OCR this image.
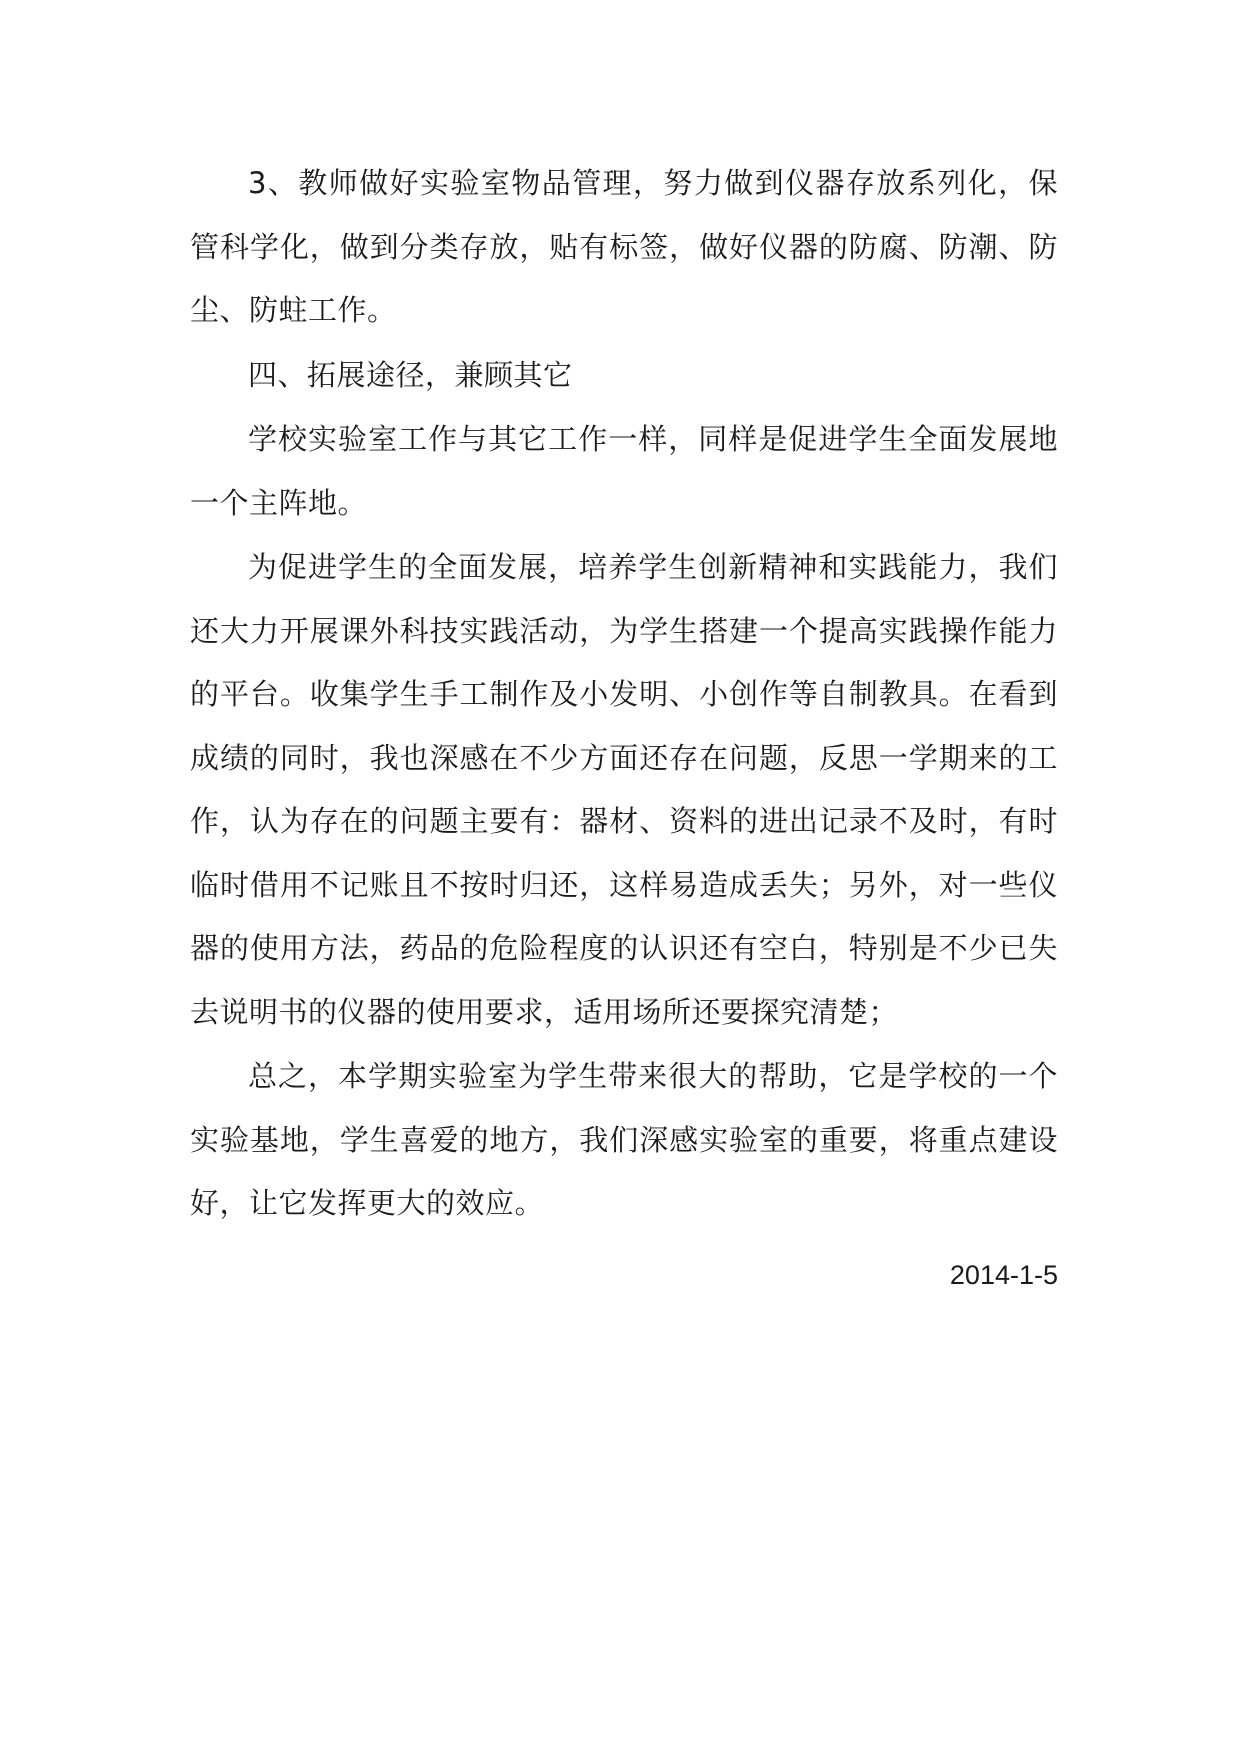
3、教师做好实验室物品管理，努力做到仪器存放系列化，保管科学化，做到分类存放，贴有标签，做好仪器的防腐、防潮、防尘、防蛀工作。

四、拓展途径，兼顾其它

学校实验室工作与其它工作一样，同样是促进学生全面发展地一个主阵地。

为促进学生的全面发展，培养学生创新精神和实践能力，我们还大力开展课外科技实践活动，为学生搭建一个提高实践操作能力的平台。收集学生手工制作及小发明、小创作等自制教具。在看到成绩的同时，我也深感在不少方面还存在问题，反思一学期来的工作，认为存在的问题主要有：器材、资料的进出记录不及时，有时临时借用不记账且不按时归还，这样易造成丢失；另外，对一些仪器的使用方法，药品的危险程度的认识还有空白，特别是不少已失去说明书的仪器的使用要求，适用场所还要探究清楚；

总之，本学期实验室为学生带来很大的帮助，它是学校的一个实验基地，学生喜爱的地方，我们深感实验室的重要，将重点建设好，让它发挥更大的效应。

2014-1-5
